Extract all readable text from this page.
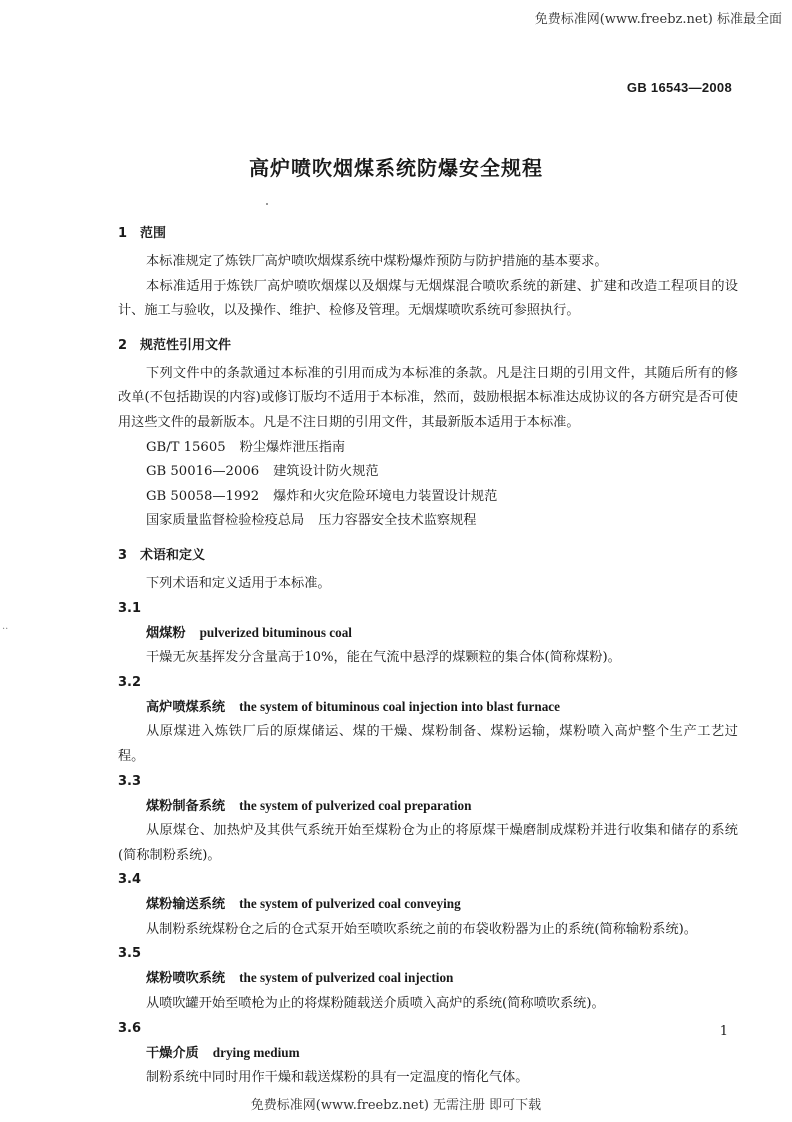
免费标准网(www.freebz.net) 标准最全面
GB 16543—2008
高炉喷吹烟煤系统防爆安全规程
··
1 范围

本标准规定了炼铁厂高炉喷吹烟煤系统中煤粉爆炸预防与防护措施的基本要求。

本标准适用于炼铁厂高炉喷吹烟煤以及烟煤与无烟煤混合喷吹系统的新建、扩建和改造工程项目的设计、施工与验收，以及操作、维护、检修及管理。无烟煤喷吹系统可参照执行。

2 规范性引用文件

下列文件中的条款通过本标准的引用而成为本标准的条款。凡是注日期的引用文件，其随后所有的修改单(不包括勘误的内容)或修订版均不适用于本标准，然而，鼓励根据本标准达成协议的各方研究是否可使用这些文件的最新版本。凡是不注日期的引用文件，其最新版本适用于本标准。

GB/T 15605 粉尘爆炸泄压指南
GB 50016—2006 建筑设计防火规范
GB 50058—1992 爆炸和火灾危险环境电力装置设计规范
国家质量监督检验检疫总局 压力容器安全技术监察规程
3 术语和定义

下列术语和定义适用于本标准。

3.1
烟煤粉 pulverized bituminous coal

干燥无灰基挥发分含量高于10%，能在气流中悬浮的煤颗粒的集合体(简称煤粉)。

3.2
高炉喷煤系统 the system of bituminous coal injection into blast furnace

从原煤进入炼铁厂后的原煤储运、煤的干燥、煤粉制备、煤粉运输，煤粉喷入高炉整个生产工艺过程。

3.3
煤粉制备系统 the system of pulverized coal preparation

从原煤仓、加热炉及其供气系统开始至煤粉仓为止的将原煤干燥磨制成煤粉并进行收集和储存的系统(简称制粉系统)。

3.4
煤粉输送系统 the system of pulverized coal conveying

从制粉系统煤粉仓之后的仓式泵开始至喷吹系统之前的布袋收粉器为止的系统(简称输粉系统)。

3.5
煤粉喷吹系统 the system of pulverized coal injection

从喷吹罐开始至喷枪为止的将煤粉随载送介质喷入高炉的系统(简称喷吹系统)。

3.6
干燥介质 drying medium

制粉系统中同时用作干燥和载送煤粉的具有一定温度的惰化气体。

1
免费标准网(www.freebz.net) 无需注册 即可下载
